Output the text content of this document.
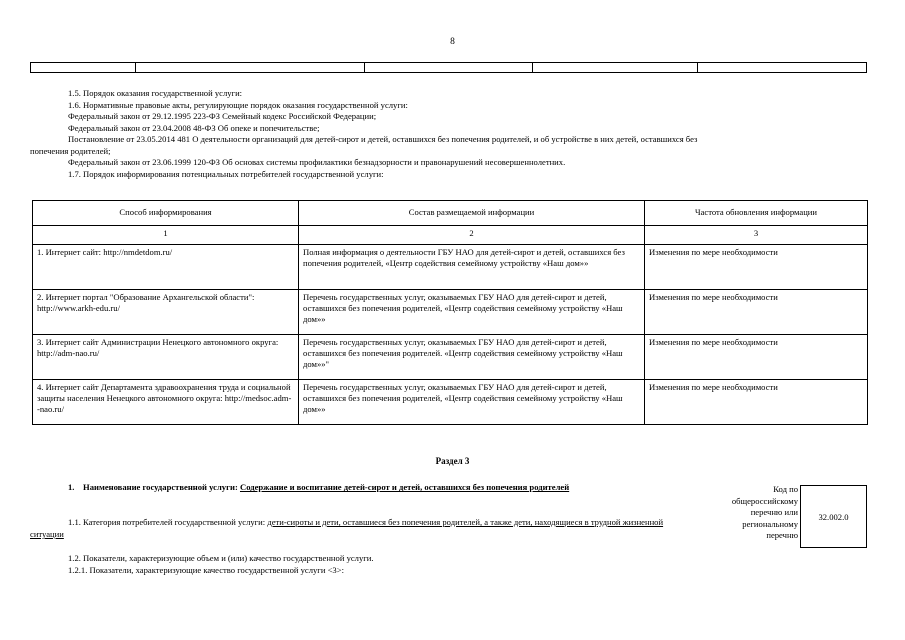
8
1.5. Порядок оказания государственной услуги:
1.6. Нормативные правовые акты, регулирующие порядок оказания государственной услуги:
Федеральный закон от 29.12.1995 223-ФЗ Семейный кодекс Российской Федерации;
Федеральный закон от 23.04.2008 48-ФЗ Об опеке и попечительстве;
Постановление от 23.05.2014 481 О деятельности организаций для детей-сирот и детей, оставшихся без попечения родителей, и об устройстве в них детей, оставшихся без
попечения родителей;
Федеральный закон от 23.06.1999 120-ФЗ Об основах системы профилактики безнадзорности и правонарушений несовершеннолетних.
1.7. Порядок информирования потенциальных потребителей государственной услуги:
Способ информирования	Состав размещаемой информации	Частота обновления информации
1	2	3
1. Интернет сайт: http://nmdetdom.ru/	Полная информация о деятельности ГБУ НАО для детей-сирот и детей, оставшихся без попечения родителей, «Центр содействия семейному устройству «Наш дом»»	Изменения по мере необходимости
2. Интернет портал "Образование Архангельской области": http://www.arkh-edu.ru/	Перечень государственных услуг, оказываемых ГБУ НАО для детей-сирот и детей, оставшихся без попечения родителей, «Центр содействия семейному устройству «Наш дом»»	Изменения по мере необходимости
3. Интернет сайт Администрации Ненецкого автономного округа: http://adm-nao.ru/	Перечень государственных услуг, оказываемых ГБУ НАО для детей-сирот и детей, оставшихся без попечения родителей. «Центр содействия семейному устройству «Наш дом»»"	Изменения по мере необходимости
4. Интернет сайт Департамента здравоохранения труда и социальной защиты населения Ненецкого автономного округа: http://medsoc.adm--nao.ru/	Перечень государственных услуг, оказываемых ГБУ НАО для детей-сирот и детей, оставшихся без попечения родителей, «Центр содействия семейному устройству «Наш дом»»	Изменения по мере необходимости
Раздел 3
1. Наименование государственной услуги: Содержание и воспитание детей-сирот и детей, оставшихся без попечения родителей
1.1. Категория потребителей государственной услуги: дети-сироты и дети, оставшиеся без попечения родителей, а также дети, находящиеся в трудной жизненной ситуации
Код по
общероссийскому
перечню или
региональному
перечню
32.002.0
1.2. Показатели, характеризующие объем и (или) качество государственной услуги.
1.2.1. Показатели, характеризующие качество государственной услуги <3>:
